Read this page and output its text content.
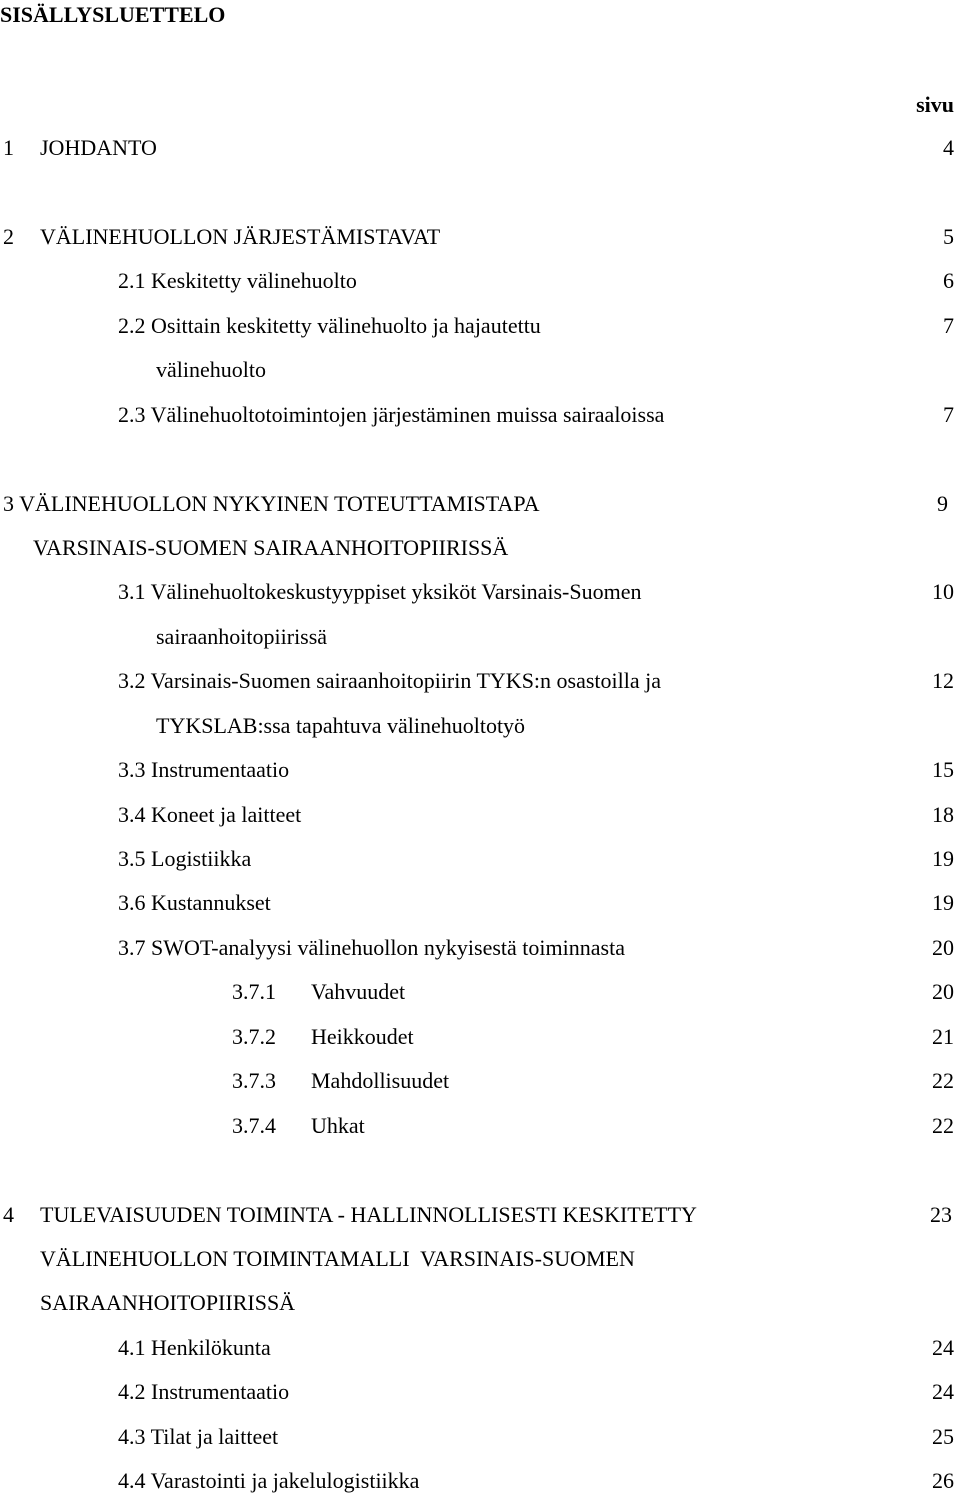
SISÄLLYSLUETTELO
sivu
1 JOHDANTO	4
2 VÄLINEHUOLLON JÄRJESTÄMISTAVAT	5
2.1 Keskitetty välinehuolto	6
2.2 Osittain keskitetty välinehuolto ja hajautettu	7
välinehuolto
2.3 Välinehuoltotoimintojen järjestäminen muissa sairaaloissa	7
3 VÄLINEHUOLLON NYKYINEN TOTEUTTAMISTAPA	9
VARSINAIS-SUOMEN SAIRAANHOITOPIIRISSÄ
3.1 Välinehuoltokeskustyyppiset yksiköt Varsinais-Suomen	10
sairaanhoitopiirissä
3.2 Varsinais-Suomen sairaanhoitopiirin TYKS:n osastoilla ja	12
TYKSLAB:ssa tapahtuva välinehuoltotyö
3.3 Instrumentaatio	15
3.4 Koneet ja laitteet	18
3.5 Logistiikka	19
3.6 Kustannukset	19
3.7 SWOT-analyysi välinehuollon nykyisestä toiminnasta	20
3.7.1 Vahvuudet	20
3.7.2 Heikkoudet	21
3.7.3 Mahdollisuudet	22
3.7.4 Uhkat	22
4 TULEVAISUUDEN TOIMINTA - HALLINNOLLISESTI KESKITETTY	23
VÄLINEHUOLLON TOIMINTAMALLI  VARSINAIS-SUOMEN
SAIRAANHOITOPIIRISSÄ
4.1 Henkilökunta	24
4.2 Instrumentaatio	24
4.3 Tilat ja laitteet	25
4.4 Varastointi ja jakelulogistiikka	26
